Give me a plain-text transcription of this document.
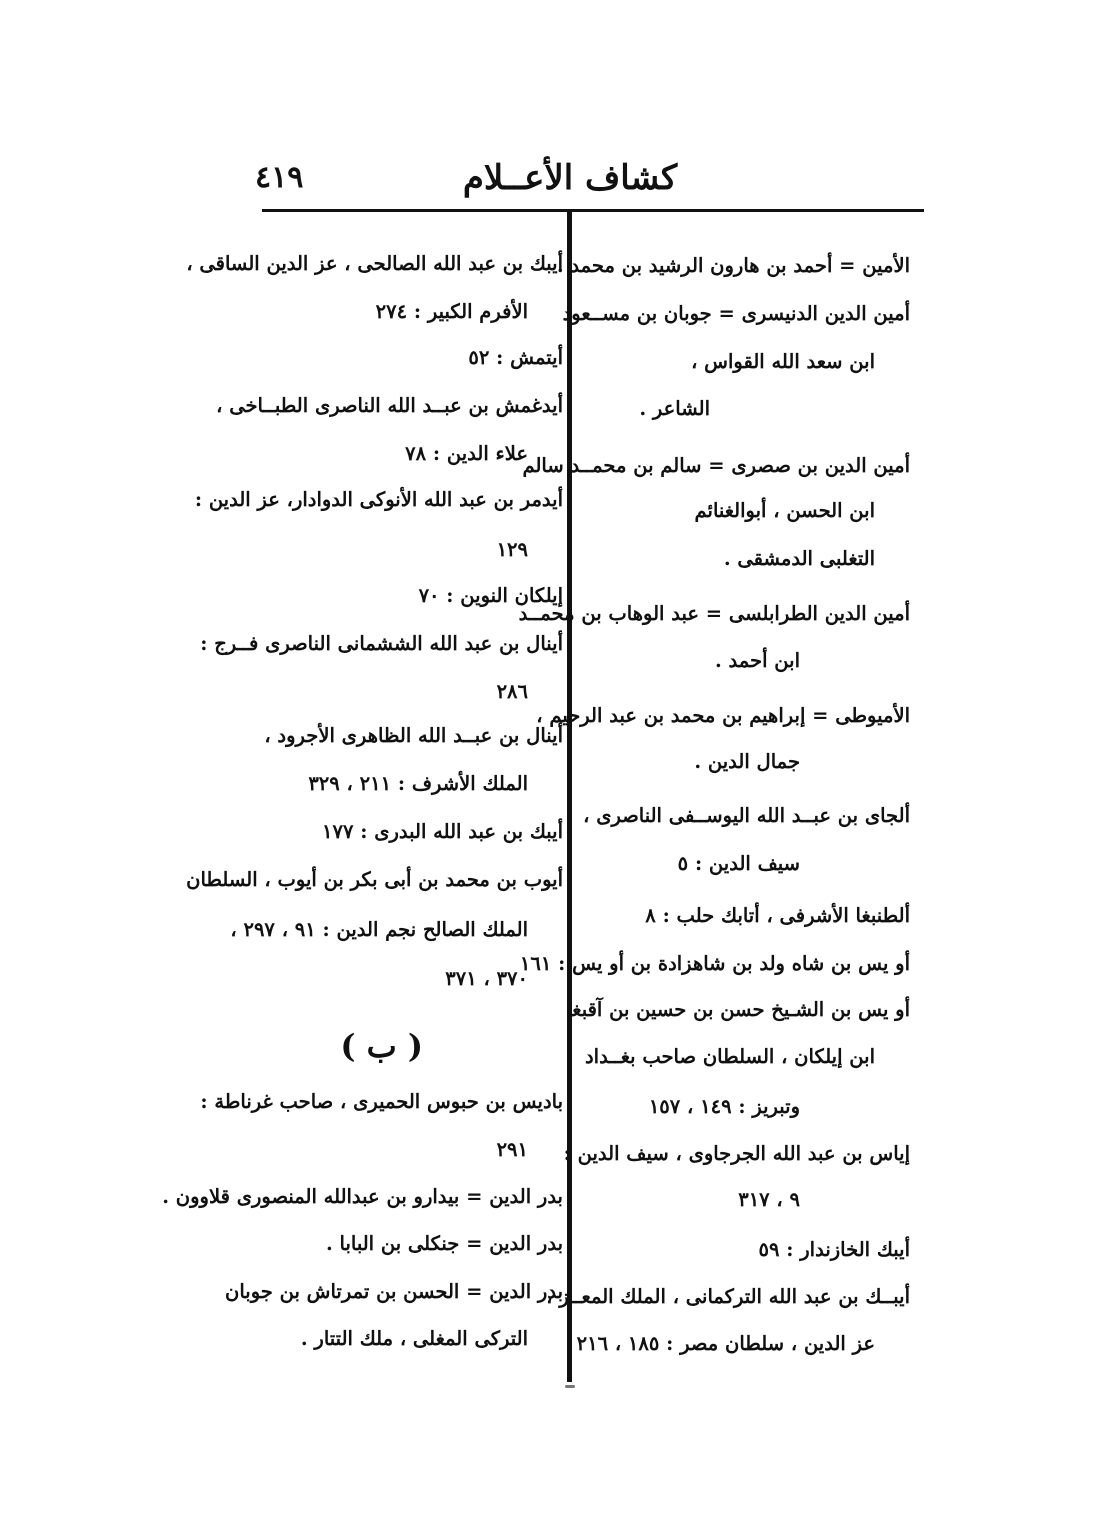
كشاف الأعــلام
٤١٩
الأمين = أحمد بن هارون الرشيد بن محمد .
أمين الدين الدنيسرى = جوبان بن مســعود
ابن سعد الله القواس ،
الشاعر .
أمين الدين بن صصرى = سالم بن محمــد سالم
ابن الحسن ، أبوالغنائم
التغلبى الدمشقى .
أمين الدين الطرابلسى = عبد الوهاب بن محمــد
ابن أحمد .
الأميوطى = إبراهيم بن محمد بن عبد الرحيم ،
جمال الدين .
ألجاى بن عبــد الله اليوســفى الناصرى ،
سيف الدين : ٥
ألطنبغا الأشرفى ، أتابك حلب : ٨
أو يس بن شاه ولد بن شاهزادة بن أو يس : ١٦١
أو يس بن الشـيخ حسن بن حسين بن آقبغا
ابن إيلكان ، السلطان صاحب بغــداد
وتبريز : ١٤٩ ، ١٥٧
إياس بن عبد الله الجرجاوى ، سيف الدين :
٩ ، ٣١٧
أيبك الخازندار : ٥٩
أيبــك بن عبد الله التركمانى ، الملك المعــز ،
عز الدين ، سلطان مصر : ١٨٥ ، ٢١٦
أيبك بن عبد الله الصالحى ، عز الدين الساقى ،
الأفرم الكبير : ٢٧٤
أيتمش : ٥٢
أيدغمش بن عبــد الله الناصرى الطبــاخى ،
علاء الدين : ٧٨
أيدمر بن عبد الله الأنوكى الدوادار، عز الدين :
١٢٩
إيلكان النوين : ٧٠
أينال بن عبد الله الششمانى الناصرى فــرج :
٢٨٦
أينال بن عبــد الله الظاهرى الأجرود ،
الملك الأشرف : ٢١١ ، ٣٢٩
أيبك بن عبد الله البدرى : ١٧٧
أيوب بن محمد بن أبى بكر بن أيوب ، السلطان
الملك الصالح نجم الدين : ٩١ ، ٢٩٧ ،
٣٧٠ ، ٣٧١
( ب )
باديس بن حبوس الحميرى ، صاحب غرناطة :
٢٩١
بدر الدين = بيدارو بن عبدالله المنصورى قلاوون .
بدر الدين = جنكلى بن البابا .
بدر الدين = الحسن بن تمرتاش بن جوبان
التركى المغلى ، ملك التتار .
